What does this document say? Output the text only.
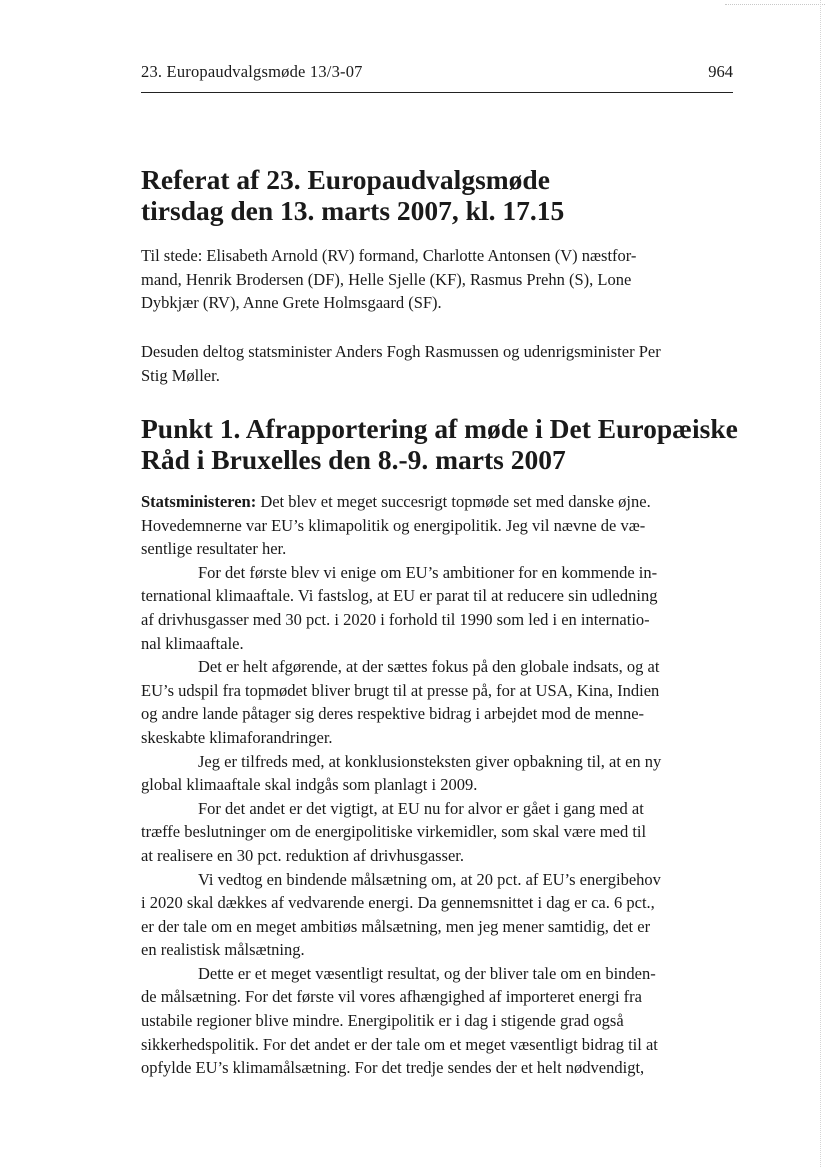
23. Europaudvalgsmøde 13/3-07	964
Referat af 23. Europaudvalgsmøde
tirsdag den 13. marts 2007, kl. 17.15
Til stede: Elisabeth Arnold (RV) formand, Charlotte Antonsen (V) næstfor-
mand, Henrik Brodersen (DF), Helle Sjelle (KF), Rasmus Prehn (S), Lone
Dybkjær (RV), Anne Grete Holmsgaard (SF).
Desuden deltog statsminister Anders Fogh Rasmussen og udenrigsminister Per
Stig Møller.
Punkt 1. Afrapportering af møde i Det Europæiske
Råd i Bruxelles den 8.-9. marts 2007
Statsministeren: Det blev et meget succesrigt topmøde set med danske øjne.
Hovedemnerne var EU’s klimapolitik og energipolitik. Jeg vil nævne de væ-
sentlige resultater her.
For det første blev vi enige om EU’s ambitioner for en kommende in-
ternational klimaaftale. Vi fastslog, at EU er parat til at reducere sin udledning
af drivhusgasser med 30 pct. i 2020 i forhold til 1990 som led i en internatio-
nal klimaaftale.
Det er helt afgørende, at der sættes fokus på den globale indsats, og at
EU’s udspil fra topmødet bliver brugt til at presse på, for at USA, Kina, Indien
og andre lande påtager sig deres respektive bidrag i arbejdet mod de menne-
skeskabte klimaforandringer.
Jeg er tilfreds med, at konklusionsteksten giver opbakning til, at en ny
global klimaaftale skal indgås som planlagt i 2009.
For det andet er det vigtigt, at EU nu for alvor er gået i gang med at
træffe beslutninger om de energipolitiske virkemidler, som skal være med til
at realisere en 30 pct. reduktion af drivhusgasser.
Vi vedtog en bindende målsætning om, at 20 pct. af EU’s energibehov
i 2020 skal dækkes af vedvarende energi. Da gennemsnittet i dag er ca. 6 pct.,
er der tale om en meget ambitiøs målsætning, men jeg mener samtidig, det er
en realistisk målsætning.
Dette er et meget væsentligt resultat, og der bliver tale om en binden-
de målsætning. For det første vil vores afhængighed af importeret energi fra
ustabile regioner blive mindre. Energipolitik er i dag i stigende grad også
sikkerhedspolitik. For det andet er der tale om et meget væsentligt bidrag til at
opfylde EU’s klimamålsætning. For det tredje sendes der et helt nødvendigt,
